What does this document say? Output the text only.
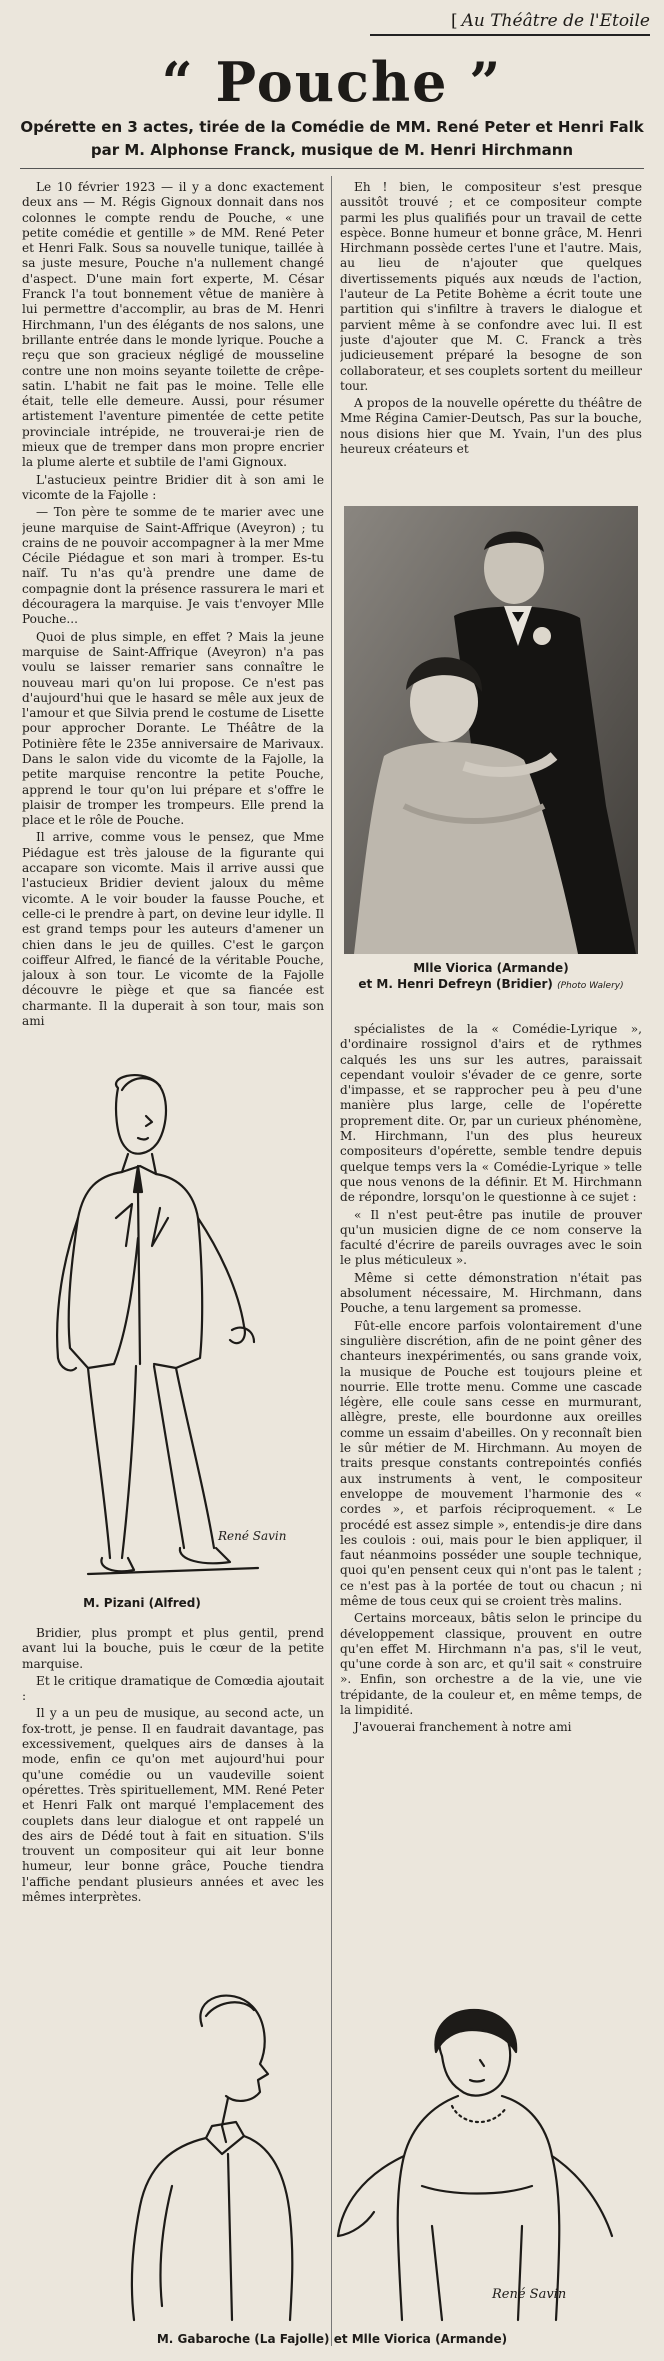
[ Au Théâtre de l'Etoile
“ Pouche ”
Opérette en 3 actes, tirée de la Comédie de MM. René Peter et Henri Falk
par M. Alphonse Franck, musique de M. Henri Hirchmann

Le 10 février 1923 — il y a donc exactement deux ans — M. Régis Gignoux donnait dans nos colonnes le compte rendu de Pouche, « une petite comédie et gentille » de MM. René Peter et Henri Falk. Sous sa nouvelle tunique, taillée à sa juste mesure, Pouche n'a nullement changé d'aspect. D'une main fort experte, M. César Franck l'a tout bonnement vêtue de manière à lui permettre d'accomplir, au bras de M. Henri Hirchmann, l'un des élégants de nos salons, une brillante entrée dans le monde lyrique. Pouche a reçu que son gracieux négligé de mousseline contre une non moins seyante toilette de crêpe-satin. L'habit ne fait pas le moine. Telle elle était, telle elle demeure. Aussi, pour résumer artistement l'aventure pimentée de cette petite provinciale intrépide, ne trouverai-je rien de mieux que de tremper dans mon propre encrier la plume alerte et subtile de l'ami Gignoux.

L'astucieux peintre Bridier dit à son ami le vicomte de la Fajolle :

— Ton père te somme de te marier avec une jeune marquise de Saint-Affrique (Aveyron) ; tu crains de ne pouvoir accompagner à la mer Mme Cécile Piédague et son mari à tromper. Es-tu naïf. Tu n'as qu'à prendre une dame de compagnie dont la présence rassurera le mari et découragera la marquise. Je vais t'envoyer Mlle Pouche...

Quoi de plus simple, en effet ? Mais la jeune marquise de Saint-Affrique (Aveyron) n'a pas voulu se laisser remarier sans connaître le nouveau mari qu'on lui propose. Ce n'est pas d'aujourd'hui que le hasard se mêle aux jeux de l'amour et que Silvia prend le costume de Lisette pour approcher Dorante. Le Théâtre de la Potinière fête le 235e anniversaire de Marivaux. Dans le salon vide du vicomte de la Fajolle, la petite marquise rencontre la petite Pouche, apprend le tour qu'on lui prépare et s'offre le plaisir de tromper les trompeurs. Elle prend la place et le rôle de Pouche.

Il arrive, comme vous le pensez, que Mme Piédague est très jalouse de la figurante qui accapare son vicomte. Mais il arrive aussi que l'astucieux Bridier devient jaloux du même vicomte. A le voir bouder la fausse Pouche, et celle-ci le prendre à part, on devine leur idylle. Il est grand temps pour les auteurs d'amener un chien dans le jeu de quilles. C'est le garçon coiffeur Alfred, le fiancé de la véritable Pouche, jaloux à son tour. Le vicomte de la Fajolle découvre le piège et que sa fiancée est charmante. Il la duperait à son tour, mais son ami

René Savin
M. Pizani (Alfred)

Bridier, plus prompt et plus gentil, prend avant lui la bouche, puis le cœur de la petite marquise.

Et le critique dramatique de Comœdia ajoutait :

Il y a un peu de musique, au second acte, un fox-trott, je pense. Il en faudrait davantage, pas excessivement, quelques airs de danses à la mode, enfin ce qu'on met aujourd'hui pour qu'une comédie ou un vaudeville soient opérettes. Très spirituellement, MM. René Peter et Henri Falk ont marqué l'emplacement des couplets dans leur dialogue et ont rappelé un des airs de Dédé tout à fait en situation. S'ils trouvent un compositeur qui ait leur bonne humeur, leur bonne grâce, Pouche tiendra l'affiche pendant plusieurs années et avec les mêmes interprètes.

Eh ! bien, le compositeur s'est presque aussitôt trouvé ; et ce compositeur compte parmi les plus qualifiés pour un travail de cette espèce. Bonne humeur et bonne grâce, M. Henri Hirchmann possède certes l'une et l'autre. Mais, au lieu de n'ajouter que quelques divertissements piqués aux nœuds de l'action, l'auteur de La Petite Bohème a écrit toute une partition qui s'infiltre à travers le dialogue et parvient même à se confondre avec lui. Il est juste d'ajouter que M. C. Franck a très judicieusement préparé la besogne de son collaborateur, et ses couplets sortent du meilleur tour.

A propos de la nouvelle opérette du théâtre de Mme Régina Camier-Deutsch, Pas sur la bouche, nous disions hier que M. Yvain, l'un des plus heureux créateurs et

Mlle Viorica (Armande)
et M. Henri Defreyn (Bridier) (Photo Walery)

spécialistes de la « Comédie-Lyrique », d'ordinaire rossignol d'airs et de rythmes calqués les uns sur les autres, paraissait cependant vouloir s'évader de ce genre, sorte d'impasse, et se rapprocher peu à peu d'une manière plus large, celle de l'opérette proprement dite. Or, par un curieux phénomène, M. Hirchmann, l'un des plus heureux compositeurs d'opérette, semble tendre depuis quelque temps vers la « Comédie-Lyrique » telle que nous venons de la définir. Et M. Hirchmann de répondre, lorsqu'on le questionne à ce sujet :

« Il n'est peut-être pas inutile de prouver qu'un musicien digne de ce nom conserve la faculté d'écrire de pareils ouvrages avec le soin le plus méticuleux ».

Même si cette démonstration n'était pas absolument nécessaire, M. Hirchmann, dans Pouche, a tenu largement sa promesse.

Fût-elle encore parfois volontairement d'une singulière discrétion, afin de ne point gêner des chanteurs inexpérimentés, ou sans grande voix, la musique de Pouche est toujours pleine et nourrie. Elle trotte menu. Comme une cascade légère, elle coule sans cesse en murmurant, allègre, preste, elle bourdonne aux oreilles comme un essaim d'abeilles. On y reconnaît bien le sûr métier de M. Hirchmann. Au moyen de traits presque constants contrepointés confiés aux instruments à vent, le compositeur enveloppe de mouvement l'harmonie des « cordes », et parfois réciproquement. « Le procédé est assez simple », entendis-je dire dans les coulois : oui, mais pour le bien appliquer, il faut néanmoins posséder une souple technique, quoi qu'en pensent ceux qui n'ont pas le talent ; ce n'est pas à la portée de tout ou chacun ; ni même de tous ceux qui se croient très malins.

Certains morceaux, bâtis selon le principe du développement classique, prouvent en outre qu'en effet M. Hirchmann n'a pas, s'il le veut, qu'une corde à son arc, et qu'il sait « construire ». Enfin, son orchestre a de la vie, une vie trépidante, de la couleur et, en même temps, de la limpidité.

J'avouerai franchement à notre ami

René Savin
M. Gabaroche (La Fajolle) et Mlle Viorica (Armande)
